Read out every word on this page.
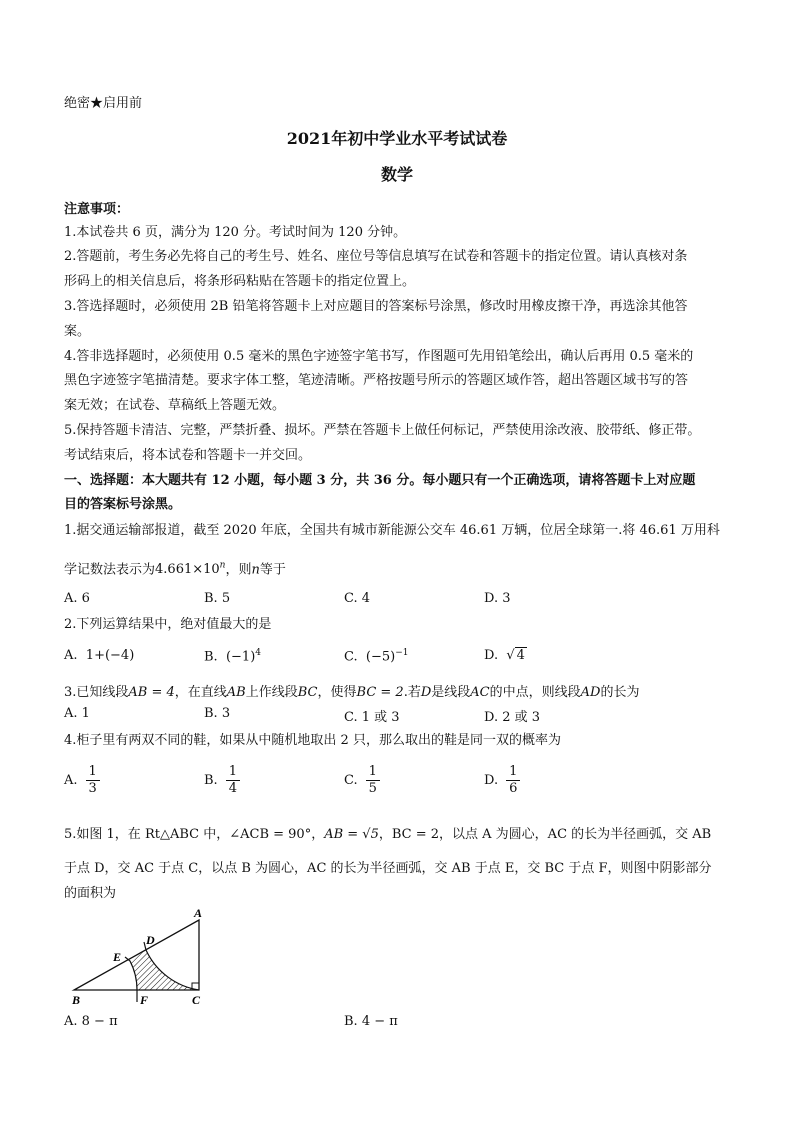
绝密★启用前
2021年初中学业水平考试试卷
数学
注意事项：
1.本试卷共 6 页，满分为 120 分。考试时间为 120 分钟。
2.答题前，考生务必先将自己的考生号、姓名、座位号等信息填写在试卷和答题卡的指定位置。请认真核对条
形码上的相关信息后，将条形码粘贴在答题卡的指定位置上。
3.答选择题时，必须使用 2B 铅笔将答题卡上对应题目的答案标号涂黑，修改时用橡皮擦干净，再选涂其他答
案。
4.答非选择题时，必须使用 0.5 毫米的黑色字迹签字笔书写，作图题可先用铅笔绘出，确认后再用 0.5 毫米的
黑色字迹签字笔描清楚。要求字体工整，笔迹清晰。严格按题号所示的答题区域作答，超出答题区域书写的答
案无效；在试卷、草稿纸上答题无效。
5.保持答题卡清洁、完整，严禁折叠、损坏。严禁在答题卡上做任何标记，严禁使用涂改液、胶带纸、修正带。
考试结束后，将本试卷和答题卡一并交回。
一、选择题：本大题共有 12 小题，每小题 3 分，共 36 分。每小题只有一个正确选项，请将答题卡上对应题
目的答案标号涂黑。
1.据交通运输部报道，截至 2020 年底，全国共有城市新能源公交车 46.61 万辆，位居全球第一.将 46.61 万用科
学记数法表示为$4.661\times 10^n$，则n等于
A. 6	B. 5	C. 4	D. 3
2.下列运算结果中，绝对值最大的是
A. 1+(−4)	B. $(-1)^4$	C. $(-5)^{-1}$	D. √ 4
3.已知线段AB = 4，在直线AB上作线段BC，使得BC = 2.若D是线段AC的中点，则线段AD的长为
A. 1	B. 3	C. 1 或 3	D. 2 或 3
4.柜子里有两双不同的鞋，如果从中随机地取出 2 只，那么取出的鞋是同一双的概率为
A. $\frac{1}{3}$	B. $\frac{1}{4}$	C. $\frac{1}{5}$	D. $\frac{1}{6}$
5.如图 1，在 Rt△ABC 中，∠ACB = 90°，AB = √5，BC = 2，以点 A 为圆心，AC 的长为半径画弧，交 AB
于点 D，交 AC 于点 C，以点 B 为圆心，AC 的长为半径画弧，交 AB 于点 E，交 BC 于点 F，则图中阴影部分
的面积为
A
B	C
D
E
F
A. 8 − π	B. 4 − π
